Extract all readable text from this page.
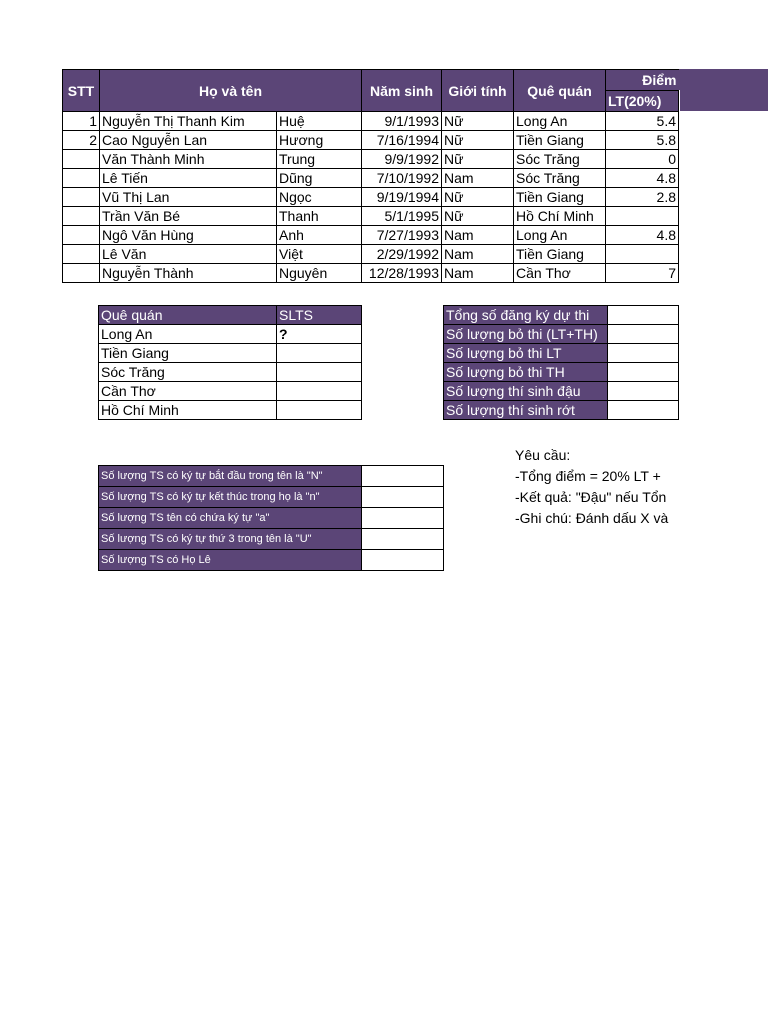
STT	Họ và tên		Năm sinh	Giới tính	Quê quán	Điểm
						LT(20%)
1	Nguyễn Thị Thanh Kim	Huệ	9/1/1993	Nữ	Long An	5.4
2	Cao Nguyễn Lan	Hương	7/16/1994	Nữ	Tiền Giang	5.8
	Văn Thành Minh	Trung	9/9/1992	Nữ	Sóc Trăng	0
	Lê Tiến	Dũng	7/10/1992	Nam	Sóc Trăng	4.8
	Vũ Thị Lan	Ngọc	9/19/1994	Nữ	Tiền Giang	2.8
	Trần Văn Bé	Thanh	5/1/1995	Nữ	Hồ Chí Minh	
	Ngô Văn Hùng	Anh	7/27/1993	Nam	Long An	4.8
	Lê Văn	Việt	2/29/1992	Nam	Tiền Giang	
	Nguyễn Thành	Nguyên	12/28/1993	Nam	Cần Thơ	7
Quê quán	SLTS
Long An	?
Tiền Giang	
Sóc Trăng	
Cần Thơ	
Hồ Chí Minh	
Tổng số đăng ký dự thi	
Số lượng bỏ thi (LT+TH)	
Số lượng bỏ thi LT	
Số lượng bỏ thi TH	
Số lượng thí sinh đậu	
Số lượng thí sinh rớt	
Số lượng TS có ký tự bắt đầu trong tên là "N"	
Số lượng TS có ký tự kết thúc trong họ là "n"	
Số lượng TS tên có chứa ký tự "a"	
Số lượng TS có ký tự thứ 3 trong tên là "U"	
Số lượng TS có Họ Lê	
Yêu cầu:
-Tổng điểm = 20% LT +
-Kết quả: "Đậu" nếu Tổn
-Ghi chú: Đánh dấu X và
